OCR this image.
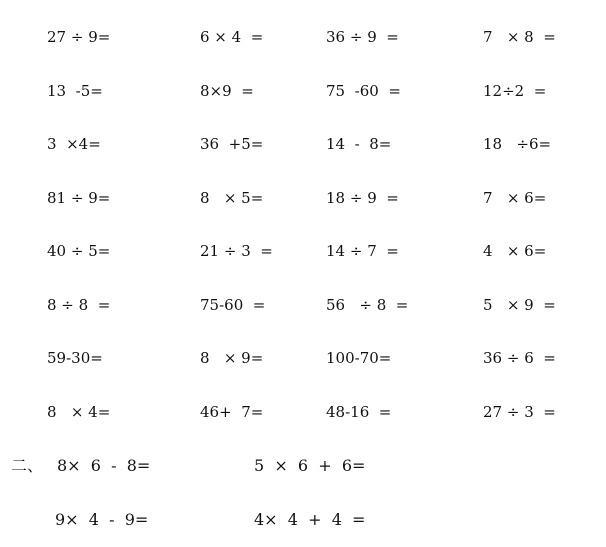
27 ÷ 9=	6 × 4  =	36 ÷ 9  =	7   × 8  =
13  -5=	8×9  =	75  -60  =	12÷2  =
3  ×4=	36  +5=	14  -  8=	18   ÷6=
81 ÷ 9=	8   × 5=	18 ÷ 9  =	7   × 6=
40 ÷ 5=	21 ÷ 3  =	14 ÷ 7  =	4   × 6=
8 ÷ 8  =	75-60  =	56   ÷ 8  =	5   × 9  =
59-30=	8   × 9=	100-70=	36 ÷ 6  =
8   × 4=	46+  7=	48-16  =	27 ÷ 3  =
二、 8×  6  -  8=	5  ×  6  +  6=
9×  4  -  9=	4×  4  +  4  =
